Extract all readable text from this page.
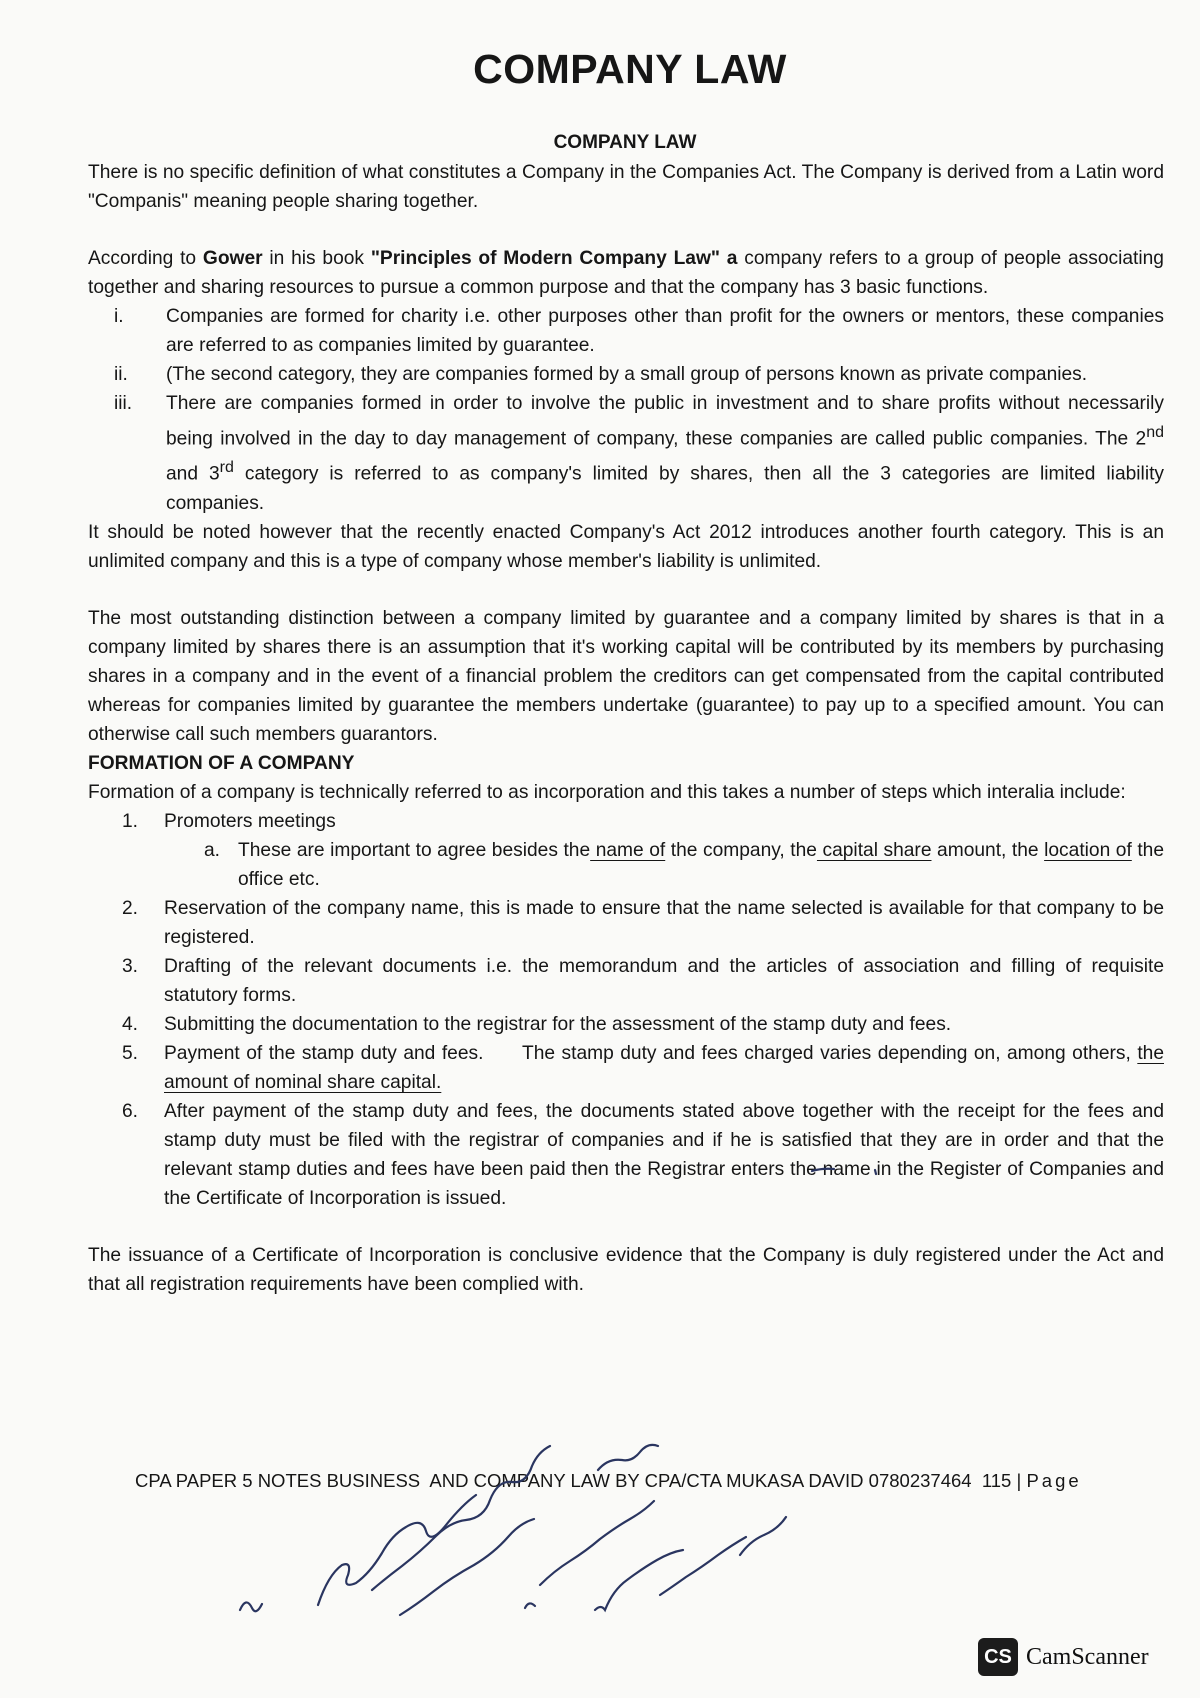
COMPANY LAW
COMPANY LAW

There is no specific definition of what constitutes a Company in the Companies Act. The Company is derived from a Latin word "Companis" meaning people sharing together.

According to Gower in his book "Principles of Modern Company Law" a company refers to a group of people associating together and sharing resources to pursue a common purpose and that the company has 3 basic functions.

i. Companies are formed for charity i.e. other purposes other than profit for the owners or mentors, these companies are referred to as companies limited by guarantee.
ii. (The second category, they are companies formed by a small group of persons known as private companies.
iii. There are companies formed in order to involve the public in investment and to share profits without necessarily being involved in the day to day management of company, these companies are called public companies. The 2nd and 3rd category is referred to as company's limited by shares, then all the 3 categories are limited liability companies.

It should be noted however that the recently enacted Company's Act 2012 introduces another fourth category. This is an unlimited company and this is a type of company whose member's liability is unlimited.

The most outstanding distinction between a company limited by guarantee and a company limited by shares is that in a company limited by shares there is an assumption that it's working capital will be contributed by its members by purchasing shares in a company and in the event of a financial problem the creditors can get compensated from the capital contributed whereas for companies limited by guarantee the members undertake (guarantee) to pay up to a specified amount. You can otherwise call such members guarantors.

FORMATION OF A COMPANY

Formation of a company is technically referred to as incorporation and this takes a number of steps which interalia include:

1. Promoters meetings
a. These are important to agree besides the name of the company, the capital share amount, the location of the office etc.
2. Reservation of the company name, this is made to ensure that the name selected is available for that company to be registered.
3. Drafting of the relevant documents i.e. the memorandum and the articles of association and filling of requisite statutory forms.
4. Submitting the documentation to the registrar for the assessment of the stamp duty and fees.
5. Payment of the stamp duty and fees.      The stamp duty and fees charged varies depending on, among others, the amount of nominal share capital.
6. After payment of the stamp duty and fees, the documents stated above together with the receipt for the fees and stamp duty must be filed with the registrar of companies and if he is satisfied that they are in order and that the relevant stamp duties and fees have been paid then the Registrar enters the name in the Register of Companies and the Certificate of Incorporation is issued.

The issuance of a Certificate of Incorporation is conclusive evidence that the Company is duly registered under the Act and that all registration requirements have been complied with.

CPA PAPER 5 NOTES BUSINESS  AND COMPANY LAW BY CPA/CTA MUKASA DAVID 0780237464  115 | Page
CS CamScanner
